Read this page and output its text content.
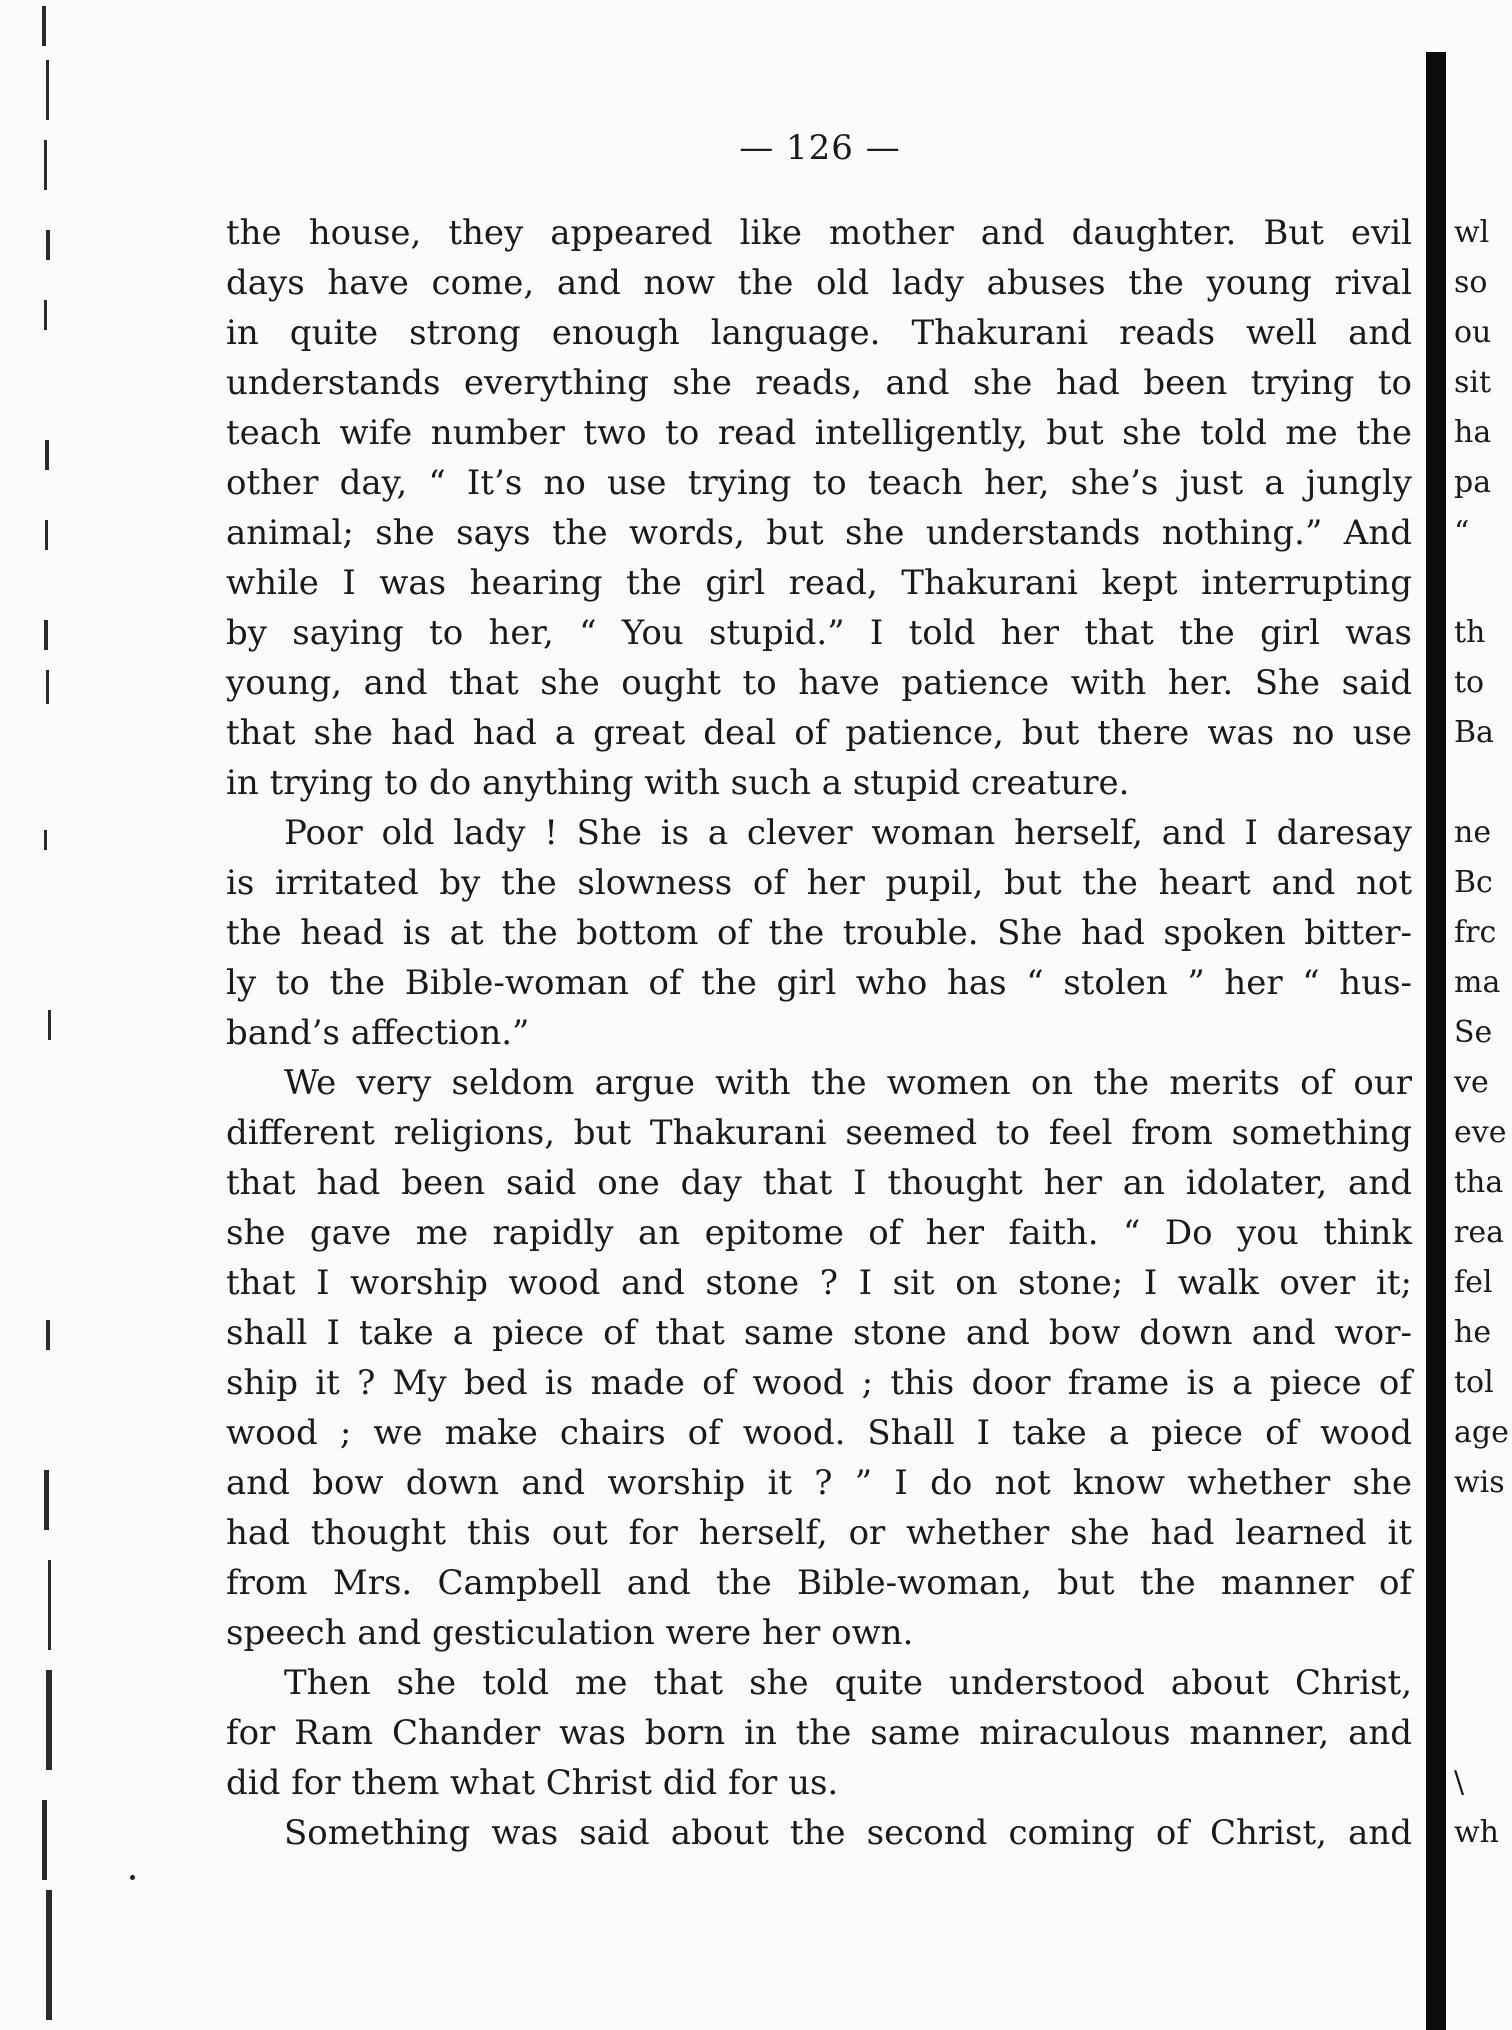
— 126 —
the house, they appeared like mother and daughter. But evil
days have come, and now the old lady abuses the young rival
in quite strong enough language. Thakurani reads well and
understands everything she reads, and she had been trying to
teach wife number two to read intelligently, but she told me the
other day, “ It’s no use trying to teach her, she’s just a jungly
animal; she says the words, but she understands nothing.” And
while I was hearing the girl read, Thakurani kept interrupting
by saying to her, “ You stupid.” I told her that the girl was
young, and that she ought to have patience with her. She said
that she had had a great deal of patience, but there was no use
in trying to do anything with such a stupid creature.
Poor old lady ! She is a clever woman herself, and I daresay
is irritated by the slowness of her pupil, but the heart and not
the head is at the bottom of the trouble. She had spoken bitter-
ly to the Bible-woman of the girl who has “ stolen ” her “ hus-
band’s affection.”
We very seldom argue with the women on the merits of our
different religions, but Thakurani seemed to feel from something
that had been said one day that I thought her an idolater, and
she gave me rapidly an epitome of her faith. “ Do you think
that I worship wood and stone ? I sit on stone; I walk over it;
shall I take a piece of that same stone and bow down and wor-
ship it ? My bed is made of wood ; this door frame is a piece of
wood ; we make chairs of wood. Shall I take a piece of wood
and bow down and worship it ? ” I do not know whether she
had thought this out for herself, or whether she had learned it
from Mrs. Campbell and the Bible-woman, but the manner of
speech and gesticulation were her own.
Then she told me that she quite understood about Christ,
for Ram Chander was born in the same miraculous manner, and
did for them what Christ did for us.
Something was said about the second coming of Christ, and
wl
so
ou
sit
ha
pa
“
th
to
Ba
ne
Bc
frc
ma
Se
ve
eve
tha
rea
fel
he
tol
age
wis
\
wh
